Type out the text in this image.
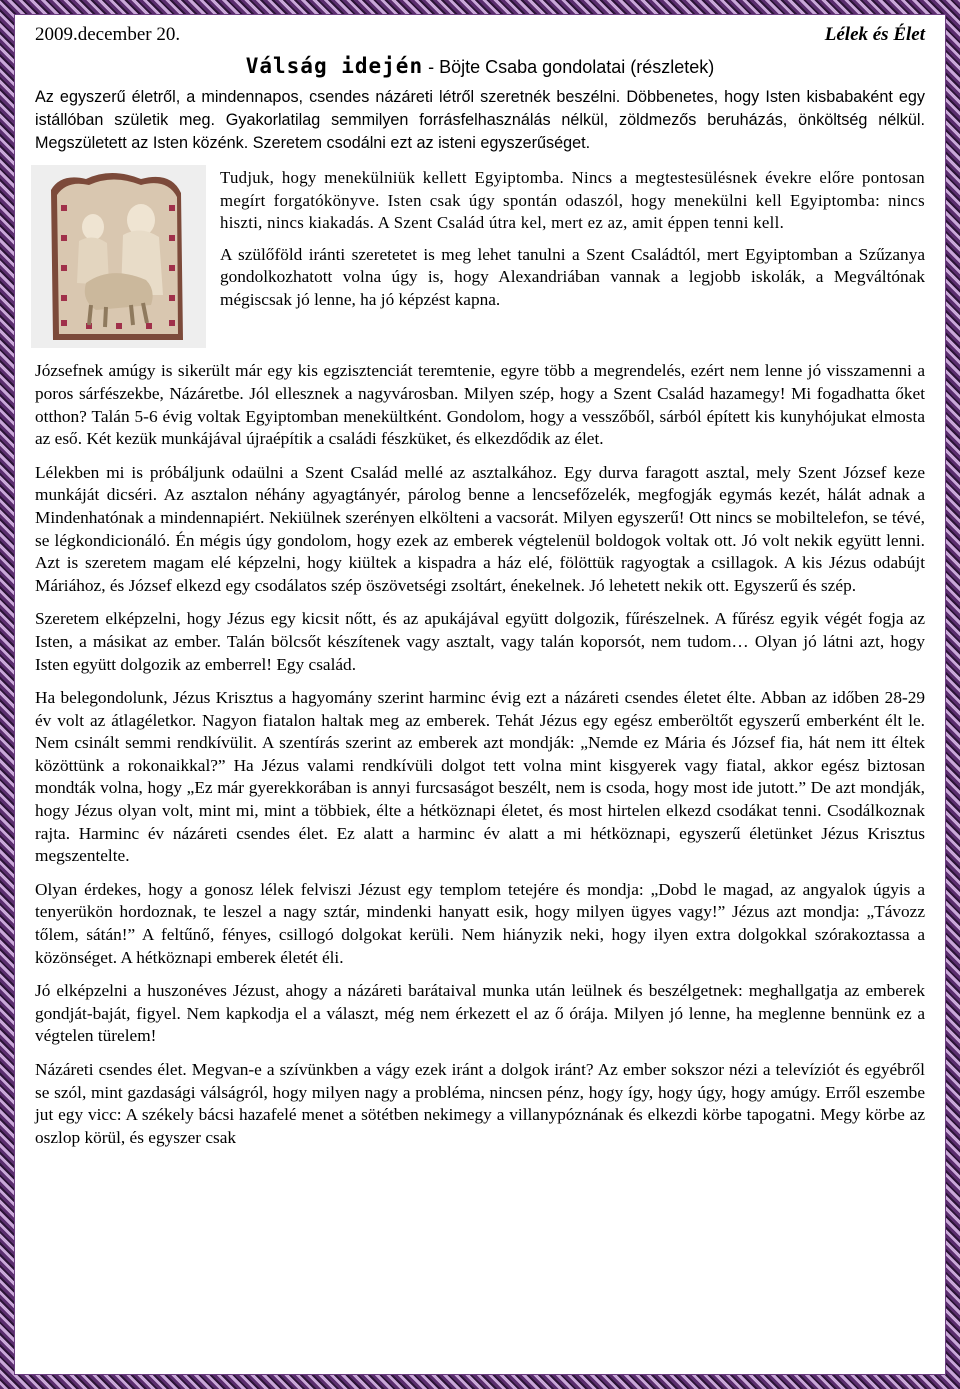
2009.december 20.	Lélek és Élet
Válság idején - Böjte Csaba gondolatai (részletek)

Az egyszerű életről, a mindennapos, csendes názáreti létről szeretnék beszélni. Döbbenetes, hogy Isten kisbabaként egy istállóban születik meg. Gyakorlatilag semmilyen forrásfelhasználás nélkül, zöldmezős beruházás, önköltség nélkül. Megszületett az Isten közénk. Szeretem csodálni ezt az isteni egyszerűséget.

Tudjuk, hogy menekülniük kellett Egyiptomba. Nincs a megtestesülésnek évekre előre pontosan megírt forgatókönyve. Isten csak úgy spontán odaszól, hogy menekülni kell Egyiptomba: nincs hiszti, nincs kiakadás. A Szent Család útra kel, mert ez az, amit éppen tenni kell.

A szülőföld iránti szeretetet is meg lehet tanulni a Szent Családtól, mert Egyiptomban a Szűzanya gondolkozhatott volna úgy is, hogy Alexandriában vannak a legjobb iskolák, a Megváltónak mégiscsak jó lenne, ha jó képzést kapna.

Józsefnek amúgy is sikerült már egy kis egzisztenciát teremtenie, egyre több a megrendelés, ezért nem lenne jó visszamenni a poros sárfészekbe, Názáretbe. Jól ellesznek a nagyvárosban. Milyen szép, hogy a Szent Család hazamegy! Mi fogadhatta őket otthon? Talán 5-6 évig voltak Egyiptomban menekültként. Gondolom, hogy a vesszőből, sárból épített kis kunyhójukat elmosta az eső. Két kezük munkájával újraépítik a családi fészküket, és elkezdődik az élet.

Lélekben mi is próbáljunk odaülni a Szent Család mellé az asztalkához. Egy durva faragott asztal, mely Szent József keze munkáját dicséri. Az asztalon néhány agyagtányér, párolog benne a lencsefőzelék, megfogják egymás kezét, hálát adnak a Mindenhatónak a mindennapiért. Nekiülnek szerényen elkölteni a vacsorát. Milyen egyszerű! Ott nincs se mobiltelefon, se tévé, se légkondicionáló. Én mégis úgy gondolom, hogy ezek az emberek végtelenül boldogok voltak ott. Jó volt nekik együtt lenni. Azt is szeretem magam elé képzelni, hogy kiültek a kispadra a ház elé, fölöttük ragyogtak a csillagok. A kis Jézus odabújt Máriához, és József elkezd egy csodálatos szép öszövetségi zsoltárt, énekelnek. Jó lehetett nekik ott. Egyszerű és szép.

Szeretem elképzelni, hogy Jézus egy kicsit nőtt, és az apukájával együtt dolgozik, fűrészelnek. A fűrész egyik végét fogja az Isten, a másikat az ember. Talán bölcsőt készítenek vagy asztalt, vagy talán koporsót, nem tudom… Olyan jó látni azt, hogy Isten együtt dolgozik az emberrel! Egy család.

Ha belegondolunk, Jézus Krisztus a hagyomány szerint harminc évig ezt a názáreti csendes életet élte. Abban az időben 28-29 év volt az átlagéletkor. Nagyon fiatalon haltak meg az emberek. Tehát Jézus egy egész emberöltőt egyszerű emberként élt le. Nem csinált semmi rendkívülit. A szentírás szerint az emberek azt mondják: „Nemde ez Mária és József fia, hát nem itt éltek közöttünk a rokonaikkal?” Ha Jézus valami rendkívüli dolgot tett volna mint kisgyerek vagy fiatal, akkor egész biztosan mondták volna, hogy „Ez már gyerekkorában is annyi furcsaságot beszélt, nem is csoda, hogy most ide jutott.” De azt mondják, hogy Jézus olyan volt, mint mi, mint a többiek, élte a hétköznapi életet, és most hirtelen elkezd csodákat tenni. Csodálkoznak rajta. Harminc év názáreti csendes élet. Ez alatt a harminc év alatt a mi hétköznapi, egyszerű életünket Jézus Krisztus megszentelte.

Olyan érdekes, hogy a gonosz lélek felviszi Jézust egy templom tetejére és mondja: „Dobd le magad, az angyalok úgyis a tenyerükön hordoznak, te leszel a nagy sztár, mindenki hanyatt esik, hogy milyen ügyes vagy!” Jézus azt mondja: „Távozz tőlem, sátán!” A feltűnő, fényes, csillogó dolgokat kerüli. Nem hiányzik neki, hogy ilyen extra dolgokkal szórakoztassa a közönséget. A hétköznapi emberek életét éli.

Jó elképzelni a huszonéves Jézust, ahogy a názáreti barátaival munka után leülnek és beszélgetnek: meghallgatja az emberek gondját-baját, figyel. Nem kapkodja el a választ, még nem érkezett el az ő órája. Milyen jó lenne, ha meglenne bennünk ez a végtelen türelem!

Názáreti csendes élet. Megvan-e a szívünkben a vágy ezek iránt a dolgok iránt? Az ember sokszor nézi a televíziót és egyébről se szól, mint gazdasági válságról, hogy milyen nagy a probléma, nincsen pénz, hogy így, hogy úgy, hogy amúgy. Erről eszembe jut egy vicc: A székely bácsi hazafelé menet a sötétben nekimegy a villanypóznának és elkezdi körbe tapogatni. Megy körbe az oszlop körül, és egyszer csak
